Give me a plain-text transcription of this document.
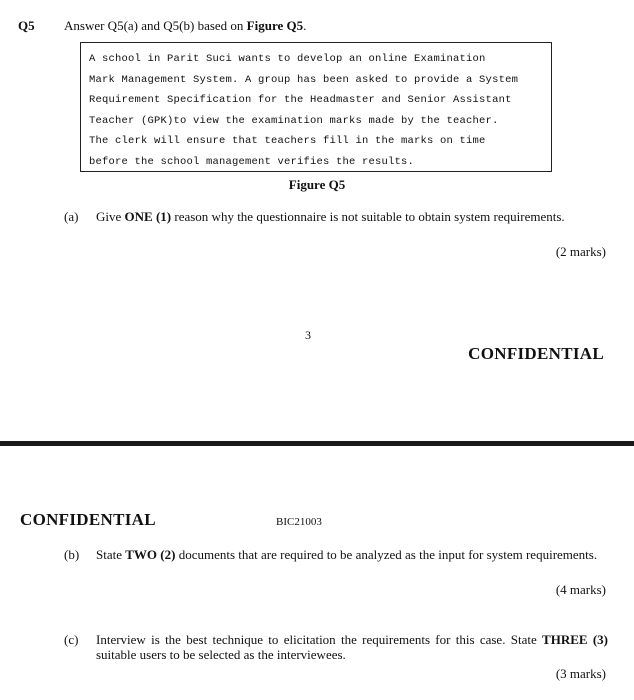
Q5 Answer Q5(a) and Q5(b) based on Figure Q5.
A school in Parit Suci wants to develop an online Examination
Mark Management System. A group has been asked to provide a System
Requirement Specification for the Headmaster and Senior Assistant
Teacher (GPK)to view the examination marks made by the teacher.
The clerk will ensure that teachers fill in the marks on time
before the school management verifies the results.
Figure Q5
(a) Give ONE (1) reason why the questionnaire is not suitable to obtain system requirements.
(2 marks)
3
CONFIDENTIAL
CONFIDENTIAL	BIC21003
(b) State TWO (2) documents that are required to be analyzed as the input for system requirements.
(4 marks)
(c) Interview is the best technique to elicitation the requirements for this case. State THREE (3) suitable users to be selected as the interviewees.
(3 marks)
